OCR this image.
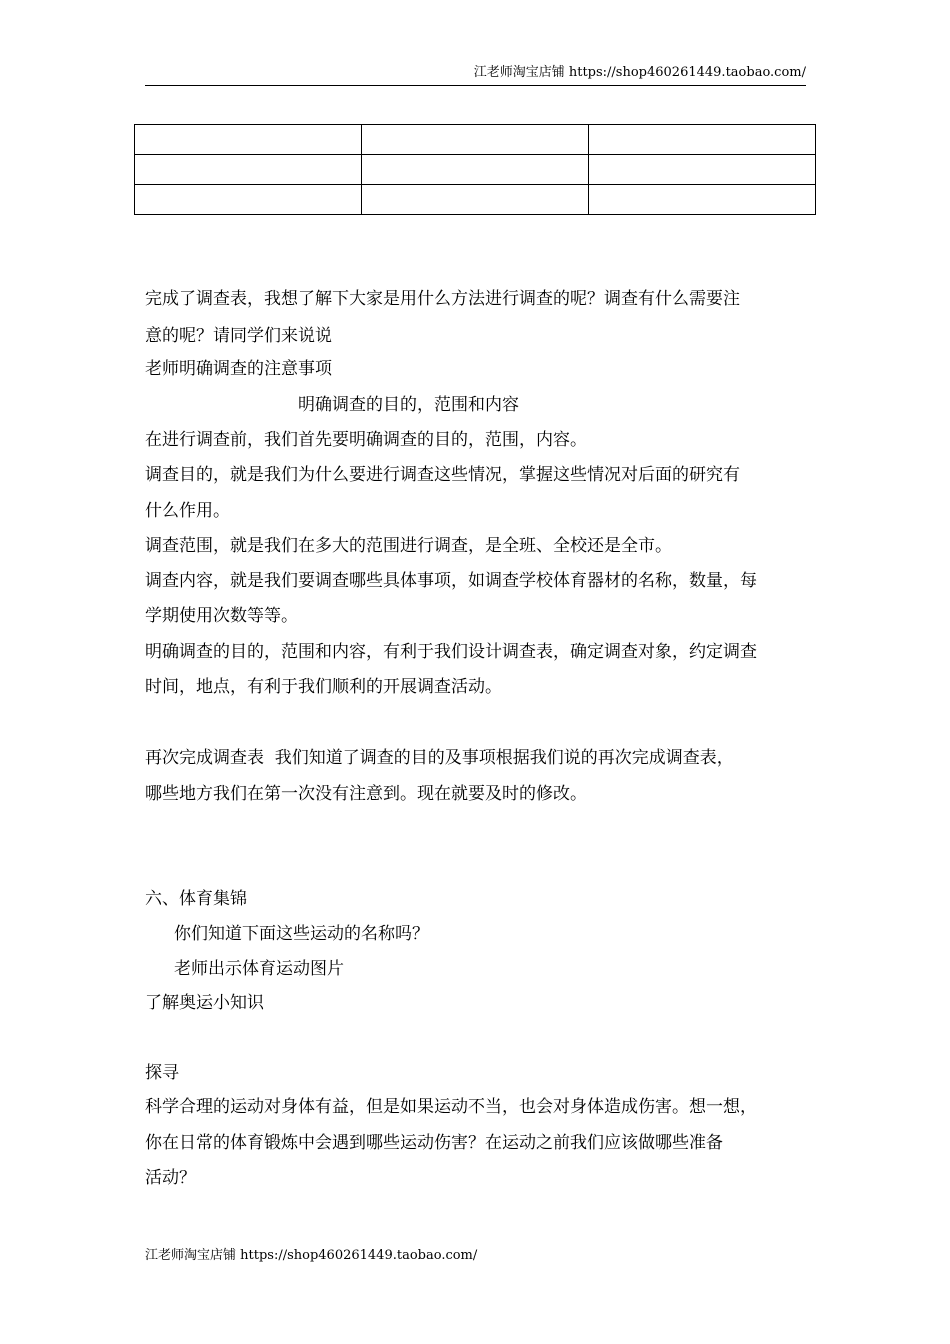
江老师淘宝店铺 https://shop460261449.taobao.com/

完成了调查表，我想了解下大家是用什么方法进行调查的呢？调查有什么需要注
意的呢？请同学们来说说
老师明确调查的注意事项
明确调查的目的，范围和内容
在进行调查前，我们首先要明确调查的目的，范围，内容。
调查目的，就是我们为什么要进行调查这些情况，掌握这些情况对后面的研究有
什么作用。
调查范围，就是我们在多大的范围进行调查，是全班、全校还是全市。
调查内容，就是我们要调查哪些具体事项，如调查学校体育器材的名称，数量，每
学期使用次数等等。
明确调查的目的，范围和内容，有利于我们设计调查表，确定调查对象，约定调查
时间，地点，有利于我们顺利的开展调查活动。
再次完成调查表  我们知道了调查的目的及事项根据我们说的再次完成调查表，
哪些地方我们在第一次没有注意到。现在就要及时的修改。
六、体育集锦
你们知道下面这些运动的名称吗？
老师出示体育运动图片
了解奥运小知识
探寻
科学合理的运动对身体有益，但是如果运动不当，也会对身体造成伤害。想一想，
你在日常的体育锻炼中会遇到哪些运动伤害？在运动之前我们应该做哪些准备
活动？
江老师淘宝店铺 https://shop460261449.taobao.com/
